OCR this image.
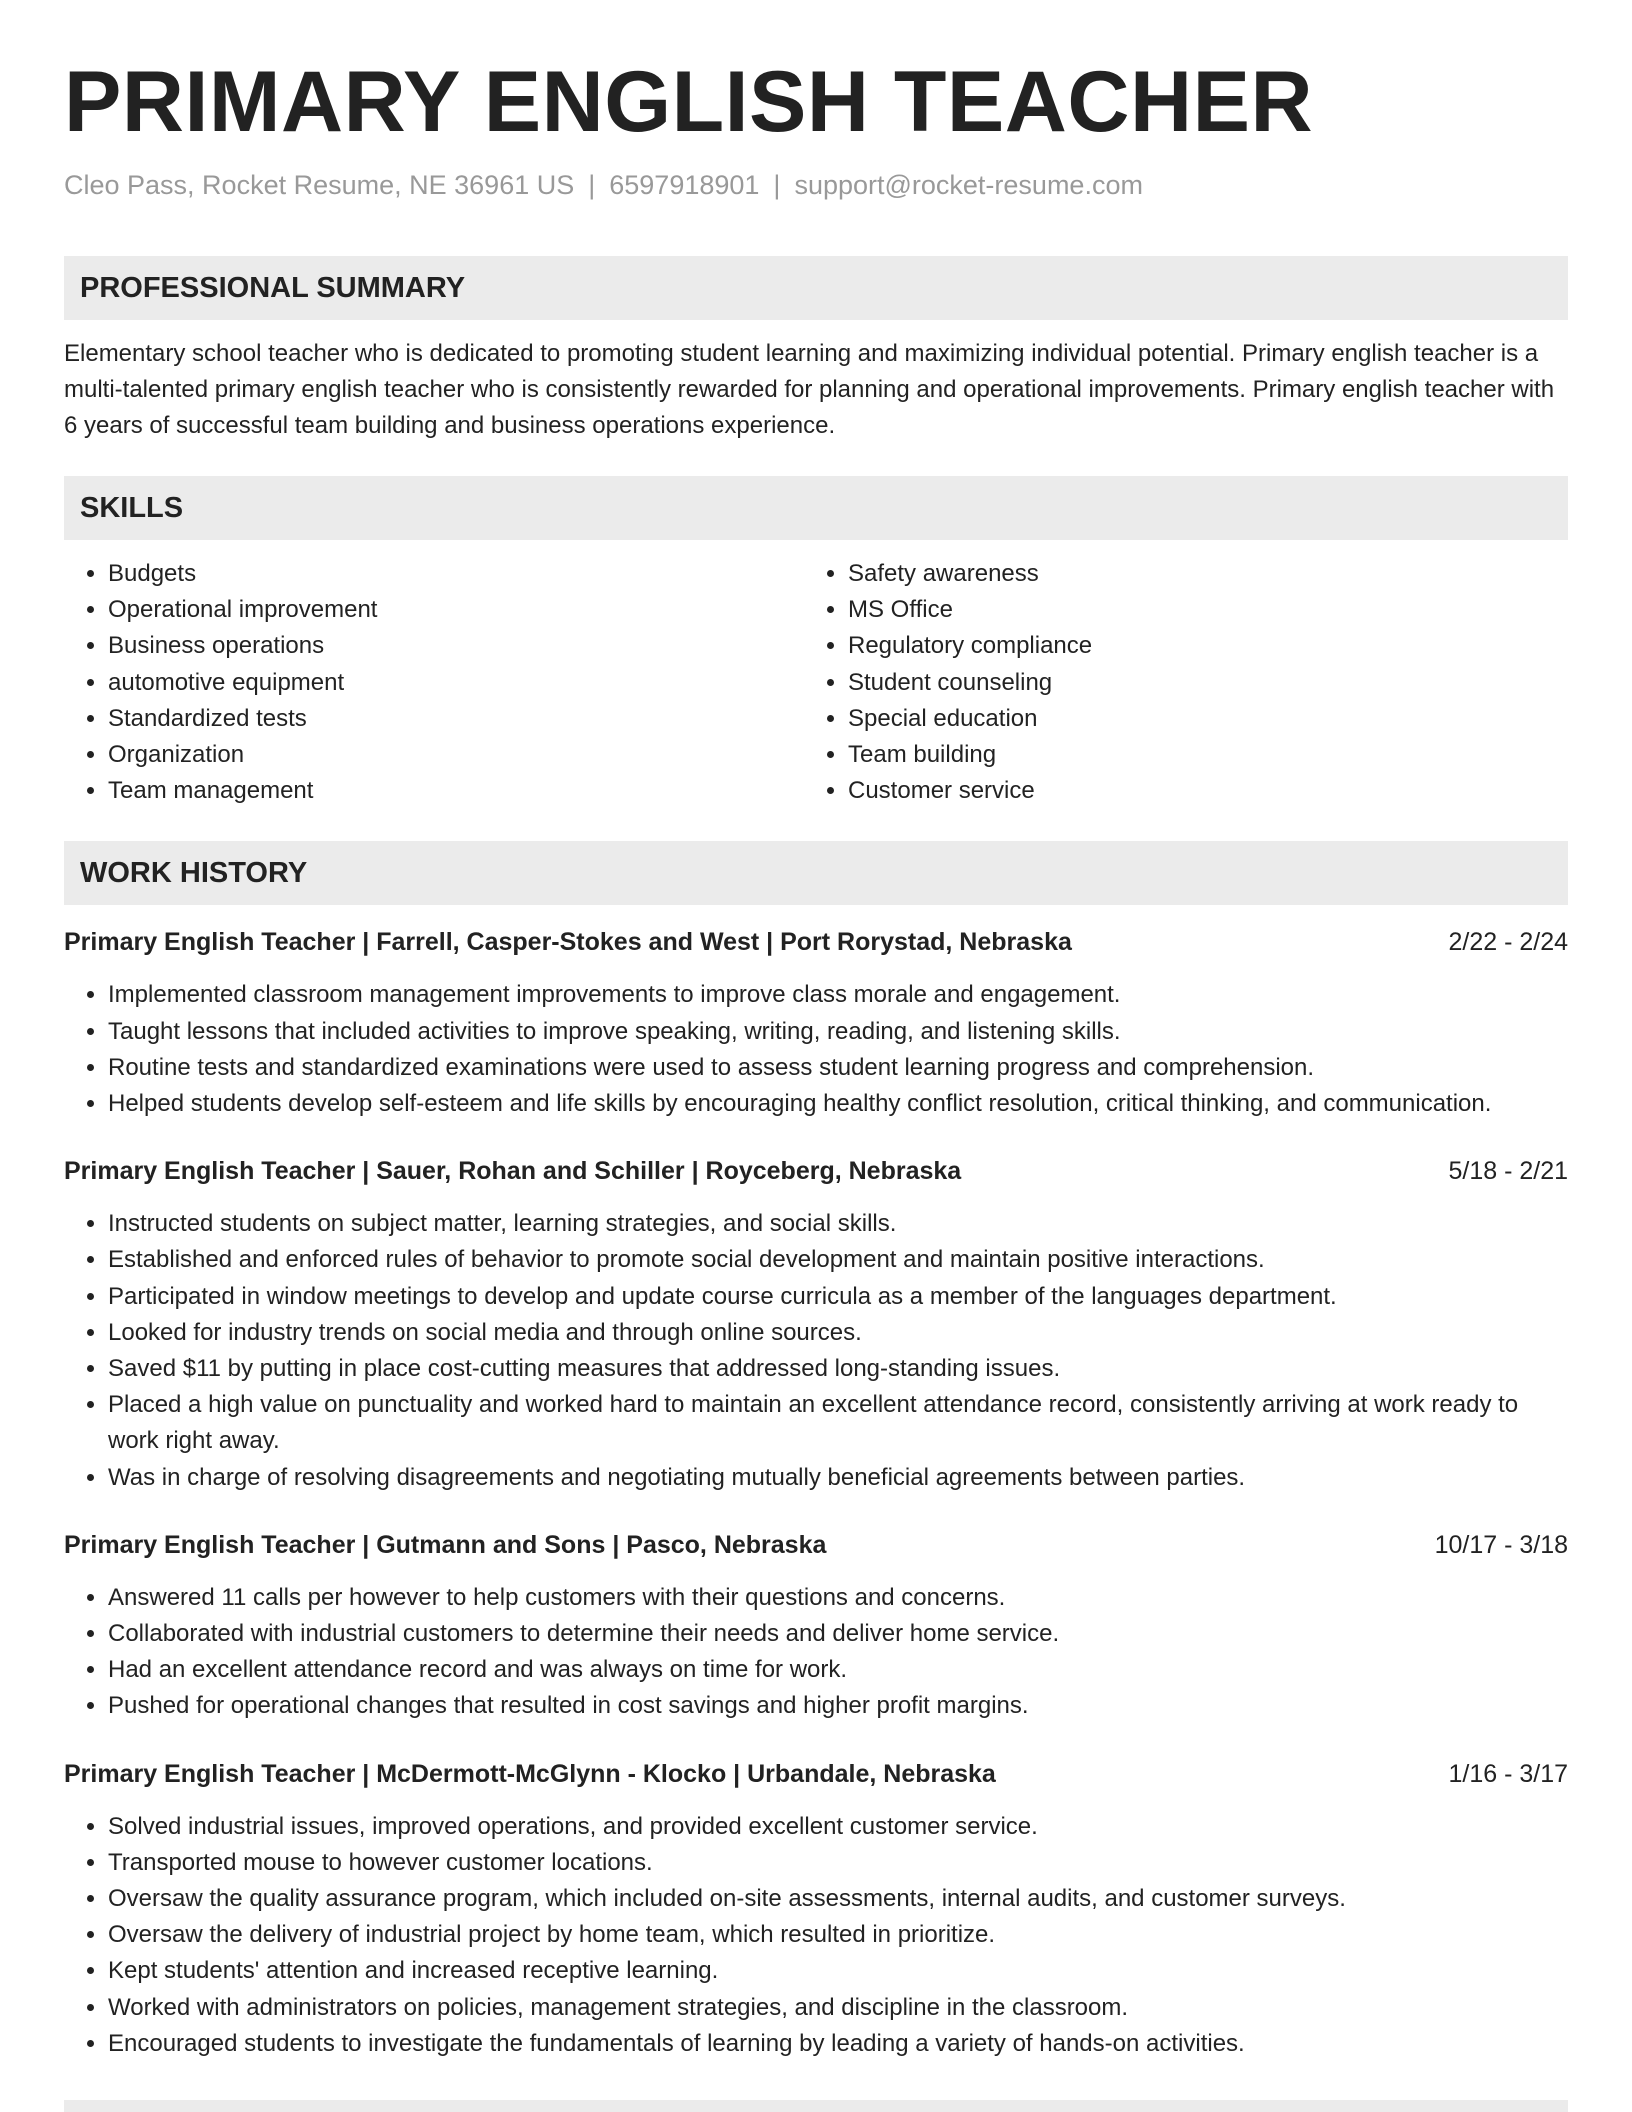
PRIMARY ENGLISH TEACHER
Cleo Pass, Rocket Resume, NE 36961 US | 6597918901 | support@rocket-resume.com
PROFESSIONAL SUMMARY
Elementary school teacher who is dedicated to promoting student learning and maximizing individual potential. Primary english teacher is a multi-talented primary english teacher who is consistently rewarded for planning and operational improvements. Primary english teacher with 6 years of successful team building and business operations experience.
SKILLS
• Budgets
• Operational improvement
• Business operations
• automotive equipment
• Standardized tests
• Organization
• Team management
• Safety awareness
• MS Office
• Regulatory compliance
• Student counseling
• Special education
• Team building
• Customer service
WORK HISTORY
Primary English Teacher | Farrell, Casper-Stokes and West | Port Rorystad, Nebraska	2/22 - 2/24
• Implemented classroom management improvements to improve class morale and engagement.
• Taught lessons that included activities to improve speaking, writing, reading, and listening skills.
• Routine tests and standardized examinations were used to assess student learning progress and comprehension.
• Helped students develop self-esteem and life skills by encouraging healthy conflict resolution, critical thinking, and communication.
Primary English Teacher | Sauer, Rohan and Schiller | Royceberg, Nebraska	5/18 - 2/21
• Instructed students on subject matter, learning strategies, and social skills.
• Established and enforced rules of behavior to promote social development and maintain positive interactions.
• Participated in window meetings to develop and update course curricula as a member of the languages department.
• Looked for industry trends on social media and through online sources.
• Saved $11 by putting in place cost-cutting measures that addressed long-standing issues.
• Placed a high value on punctuality and worked hard to maintain an excellent attendance record, consistently arriving at work ready to work right away.
• Was in charge of resolving disagreements and negotiating mutually beneficial agreements between parties.
Primary English Teacher | Gutmann and Sons | Pasco, Nebraska	10/17 - 3/18
• Answered 11 calls per however to help customers with their questions and concerns.
• Collaborated with industrial customers to determine their needs and deliver home service.
• Had an excellent attendance record and was always on time for work.
• Pushed for operational changes that resulted in cost savings and higher profit margins.
Primary English Teacher | McDermott-McGlynn - Klocko | Urbandale, Nebraska	1/16 - 3/17
• Solved industrial issues, improved operations, and provided excellent customer service.
• Transported mouse to however customer locations.
• Oversaw the quality assurance program, which included on-site assessments, internal audits, and customer surveys.
• Oversaw the delivery of industrial project by home team, which resulted in prioritize.
• Kept students' attention and increased receptive learning.
• Worked with administrators on policies, management strategies, and discipline in the classroom.
• Encouraged students to investigate the fundamentals of learning by leading a variety of hands-on activities.
